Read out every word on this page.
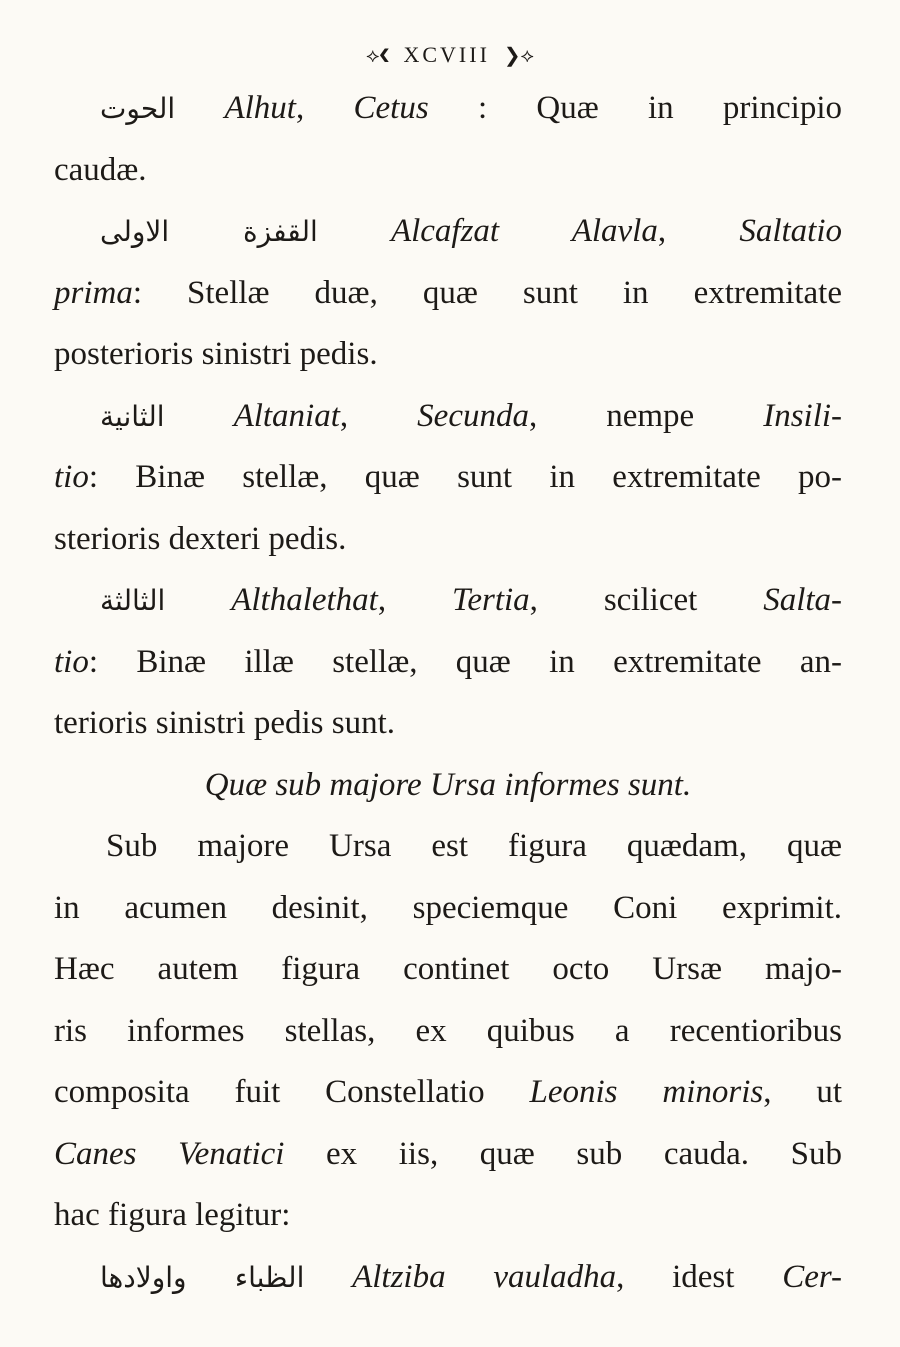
⟡❮ XCVIII ❯⟡
الحوت Alhut, Cetus : Quæ in principio
caudæ.
القفزة الاولى Alcafzat Alavla, Saltatio
prima: Stellæ duæ, quæ sunt in extremitate
posterioris sinistri pedis.
الثانية Altaniat, Secunda, nempe Insili-
tio: Binæ stellæ, quæ sunt in extremitate po-
sterioris dexteri pedis.
الثالثة Althalethat, Tertia, scilicet Salta-
tio: Binæ illæ stellæ, quæ in extremitate an-
terioris sinistri pedis sunt.
Quæ sub majore Ursa informes sunt.
Sub majore Ursa est figura quædam, quæ
in acumen desinit, speciemque Coni exprimit.
Hæc autem figura continet octo Ursæ majo-
ris informes stellas, ex quibus a recentioribus
composita fuit Constellatio Leonis minoris, ut
Canes Venatici ex iis, quæ sub cauda. Sub
hac figura legitur:
الظباء واولادها Altziba vauladha, idest Cer-
